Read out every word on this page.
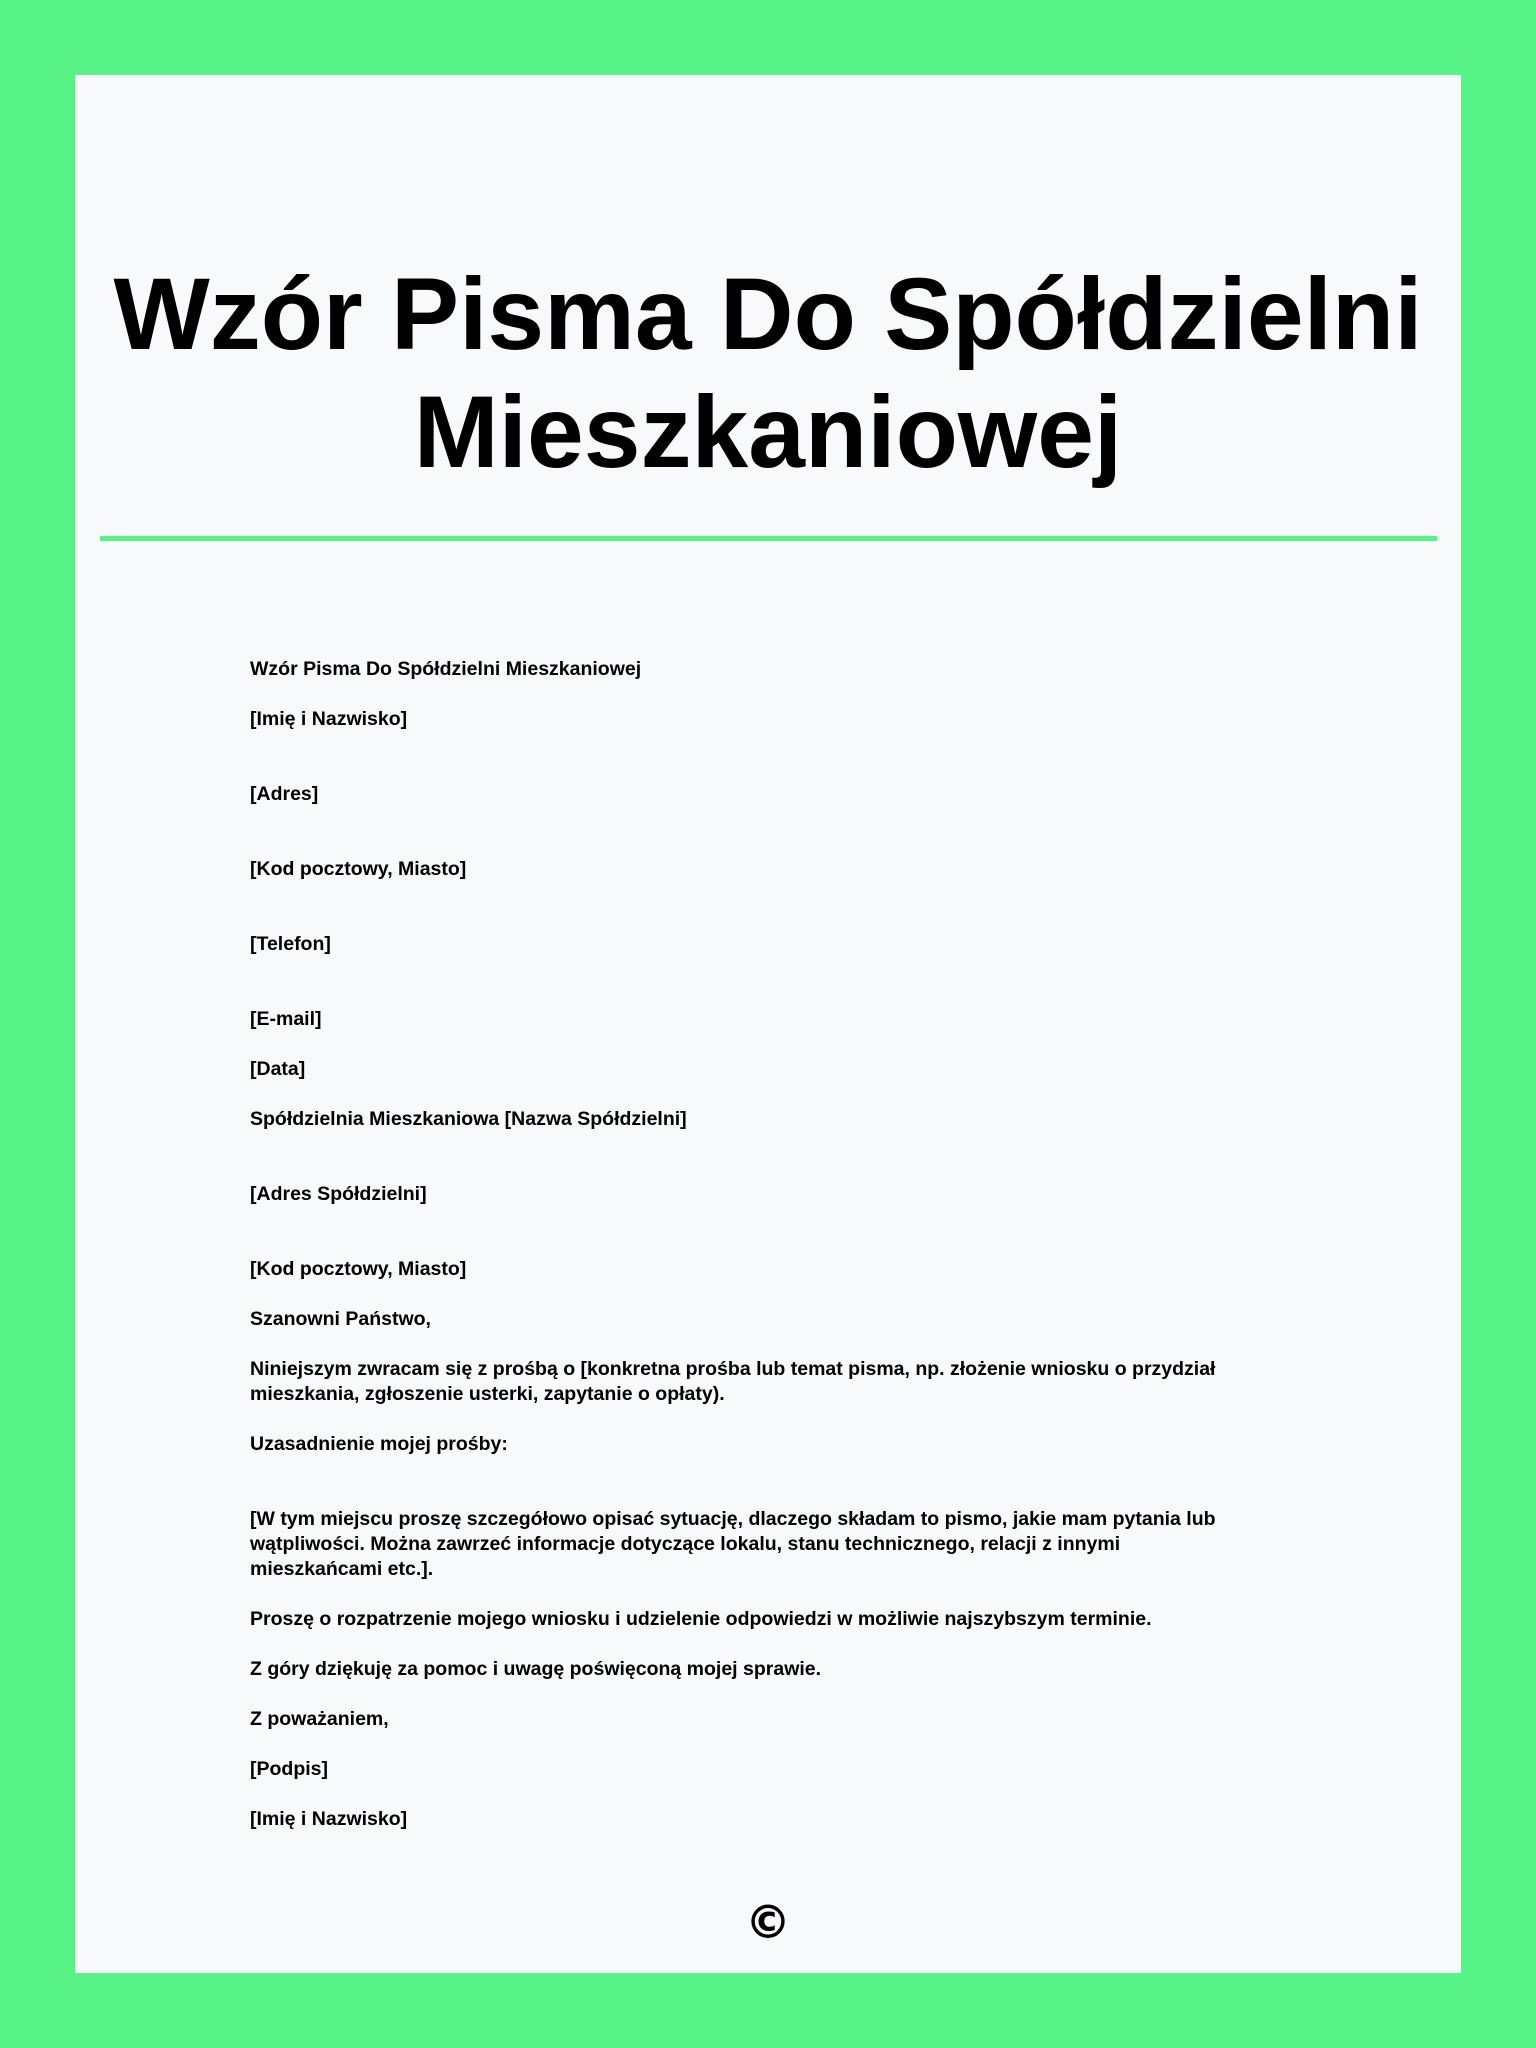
Wzór Pisma Do Spółdzielni Mieszkaniowej

Wzór Pisma Do Spółdzielni Mieszkaniowej

[Imię i Nazwisko]

[Adres]

[Kod pocztowy, Miasto]

[Telefon]

[E-mail]

[Data]

Spółdzielnia Mieszkaniowa [Nazwa Spółdzielni]

[Adres Spółdzielni]

[Kod pocztowy, Miasto]

Szanowni Państwo,

Niniejszym zwracam się z prośbą o [konkretna prośba lub temat pisma, np. złożenie wniosku o przydział
mieszkania, zgłoszenie usterki, zapytanie o opłaty).

Uzasadnienie mojej prośby:

[W tym miejscu proszę szczegółowo opisać sytuację, dlaczego składam to pismo, jakie mam pytania lub
wątpliwości. Można zawrzeć informacje dotyczące lokalu, stanu technicznego, relacji z innymi
mieszkańcami etc.].

Proszę o rozpatrzenie mojego wniosku i udzielenie odpowiedzi w możliwie najszybszym terminie.

Z góry dziękuję za pomoc i uwagę poświęconą mojej sprawie.

Z poważaniem,

[Podpis]

[Imię i Nazwisko]

©
